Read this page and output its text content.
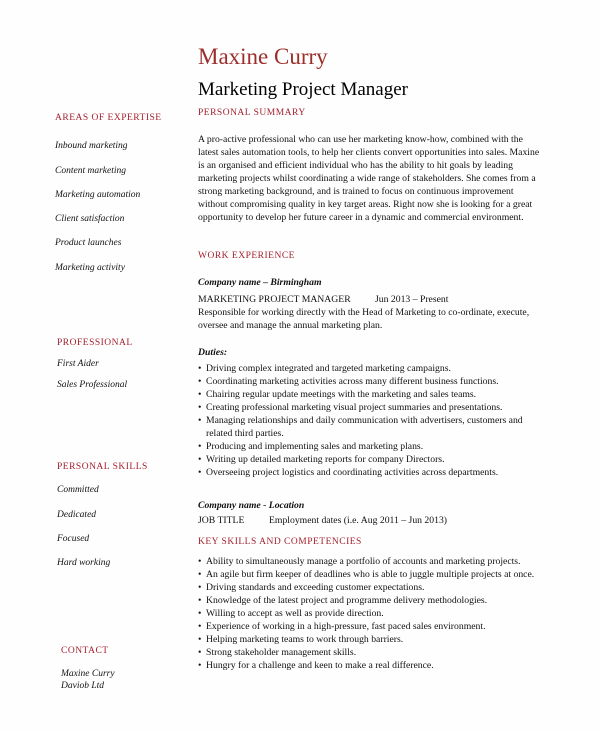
Maxine Curry
Marketing Project Manager
AREAS OF EXPERTISE
Inbound marketing
Content marketing
Marketing automation
Client satisfaction
Product launches
Marketing activity
PROFESSIONAL
First Aider
Sales Professional
PERSONAL SKILLS
Committed
Dedicated
Focused
Hard working
CONTACT
Maxine Curry
Daviob Ltd
PERSONAL SUMMARY
A pro-active professional who can use her marketing know-how, combined with the latest sales automation tools, to help her clients convert opportunities into sales. Maxine is an organised and efficient individual who has the ability to hit goals by leading marketing projects whilst coordinating a wide range of stakeholders. She comes from a strong marketing background, and is trained to focus on continuous improvement without compromising quality in key target areas. Right now she is looking for a great opportunity to develop her future career in a dynamic and commercial environment.
WORK EXPERIENCE
Company name – Birmingham
MARKETING PROJECT MANAGER	Jun 2013 – Present
Responsible for working directly with the Head of Marketing to co-ordinate, execute, oversee and manage the annual marketing plan.
Duties:
• Driving complex integrated and targeted marketing campaigns.
• Coordinating marketing activities across many different business functions.
• Chairing regular update meetings with the marketing and sales teams.
• Creating professional marketing visual project summaries and presentations.
• Managing relationships and daily communication with advertisers, customers and related third parties.
• Producing and implementing sales and marketing plans.
• Writing up detailed marketing reports for company Directors.
• Overseeing project logistics and coordinating activities across departments.
Company name - Location
JOB TITLE	Employment dates (i.e. Aug 2011 – Jun 2013)
KEY SKILLS AND COMPETENCIES
• Ability to simultaneously manage a portfolio of accounts and marketing projects.
• An agile but firm keeper of deadlines who is able to juggle multiple projects at once.
• Driving standards and exceeding customer expectations.
• Knowledge of the latest project and programme delivery methodologies.
• Willing to accept as well as provide direction.
• Experience of working in a high-pressure, fast paced sales environment.
• Helping marketing teams to work through barriers.
• Strong stakeholder management skills.
• Hungry for a challenge and keen to make a real difference.
